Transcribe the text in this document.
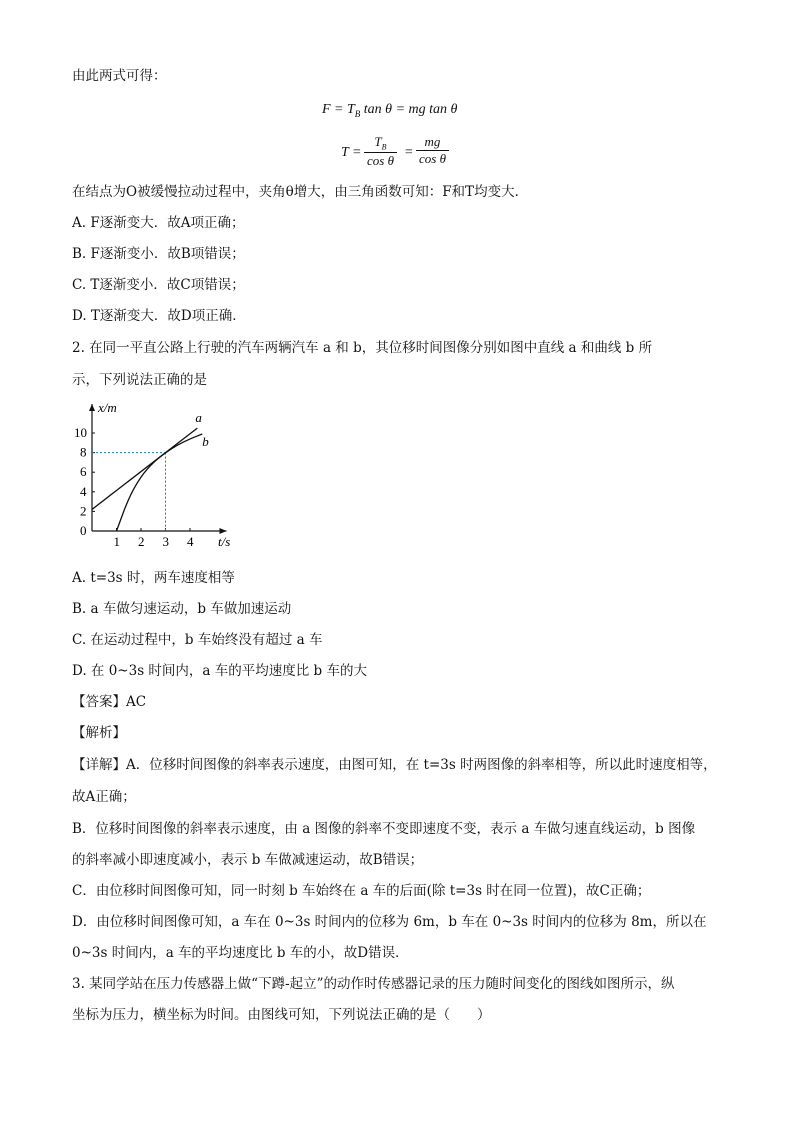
由此两式可得：
$F = T_B$ tan θ = mg tan θ
$T = \frac{T_B}{\text{cos θ}} = \frac{mg}{\text{cos θ}}$
在结点为O被缓慢拉动过程中，夹角θ增大，由三角函数可知：F和T均变大．
A. F逐渐变大．故A项正确；
B. F逐渐变小．故B项错误；
C. T逐渐变小．故C项错误；
D. T逐渐变大．故D项正确．
2. 在同一平直公路上行驶的汽车两辆汽车 a 和 b，其位移时间图像分别如图中直线 a 和曲线 b 所
示，下列说法正确的是
1 2 3 4
0
2
4
6
8
10
a
b
x/m
t/s
A. t=3s 时，两车速度相等
B. a 车做匀速运动，b 车做加速运动
C. 在运动过程中，b 车始终没有超过 a 车
D. 在 0~3s 时间内，a 车的平均速度比 b 车的大
【答案】AC
【解析】
【详解】A．位移时间图像的斜率表示速度，由图可知，在 t=3s 时两图像的斜率相等，所以此时速度相等，
故A正确；
B．位移时间图像的斜率表示速度，由 a 图像的斜率不变即速度不变，表示 a 车做匀速直线运动，b 图像
的斜率减小即速度减小，表示 b 车做减速运动，故B错误；
C．由位移时间图像可知，同一时刻 b 车始终在 a 车的后面(除 t=3s 时在同一位置)，故C正确；
D．由位移时间图像可知，a 车在 0~3s 时间内的位移为 6m，b 车在 0~3s 时间内的位移为 8m，所以在
0~3s 时间内，a 车的平均速度比 b 车的小，故D错误．
3. 某同学站在压力传感器上做“下蹲-起立”的动作时传感器记录的压力随时间变化的图线如图所示，纵
坐标为压力，横坐标为时间。由图线可知，下列说法正确的是（　　）
